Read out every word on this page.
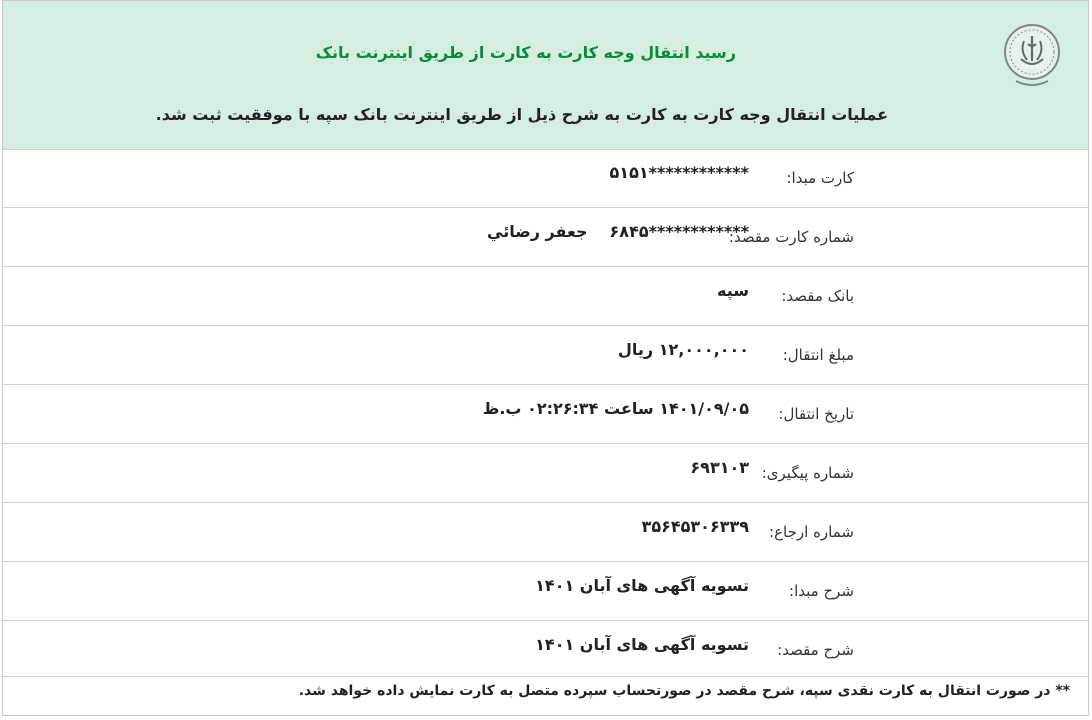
رسید انتقال وجه کارت به کارت از طریق اینترنت بانک
عملیات انتقال وجه کارت به کارت به شرح ذیل از طریق اینترنت بانک سپه با موفقیت ثبت شد.
کارت مبدا:
************۵۱۵۱
شماره کارت مقصد:
************۶۸۴۵جعفر رضائي
بانک مقصد:
سپه
مبلغ انتقال:
۱۲,۰۰۰,۰۰۰ ریال
تاریخ انتقال:
۱۴۰۱/۰۹/۰۵ ساعت ۰۲:۲۶:۳۴ ب.ظ
شماره پیگیری:
۶۹۳۱۰۳
شماره ارجاع:
۳۵۶۴۵۳۰۶۳۳۹
شرح مبدا:
تسویه آگهی های آبان ۱۴۰۱
شرح مقصد:
تسویه آگهی های آبان ۱۴۰۱
** در صورت انتقال به کارت نقدی سپه، شرح مقصد در صورتحساب سپرده متصل به کارت نمایش داده خواهد شد.
